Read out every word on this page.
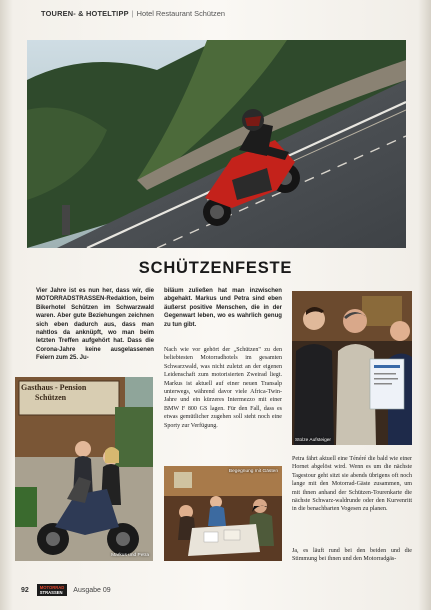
TOUREN- & HOTELTIPP | Hotel Restaurant Schützen
SCHÜTZENFESTE
Vier Jahre ist es nun her, dass wir, die MOTORRADSTRASSEN-Redaktion, beim Bikerhotel Schützen im Schwarzwald waren. Aber gute Beziehungen zeichnen sich eben dadurch aus, dass man nahtlos da anknüpft, wo man beim letzten Treffen aufgehört hat. Dass die Corona-Jahre keine ausgelassenen Feiern zum 25. Ju-
biläum zuließen hat man inzwischen abgehakt. Markus und Petra sind eben äußerst positive Menschen, die in der Gegenwart leben, wo es wahrlich genug zu tun gibt.
Nach wie vor gehört der „Schützen" zu den beliebtesten Motorradhotels im gesamten Schwarzwald, was nicht zuletzt an der eigenen Leidenschaft zum motorisierten Zweirad liegt. Markus ist aktuell auf einer neuen Transalp unterwegs, während davor viele Africa-Twin-Jahre und ein kürzeres Intermezzo mit einer BMW F 800 GS lagen. Für den Fall, dass es etwas gemütlicher zugehen soll steht noch eine Sporty zur Verfügung.
Stolze Aufsteiger
Petra fährt aktuell eine Ténéré die bald wie einer Hornet abgelöst wird. Wenn es um die nächste Tagestour geht sitzt sie abends übrigens oft noch lange mit den Motorrad-Gäste zusammen, um mit ihnen anhand der Schützen-Tourenkarte die nächste Schwarz-waldrunde oder den Kurvenritt in die benachbarten Vogesen zu planen.
Ja, es läuft rund bei den beiden und die Stimmung bei ihnen und den Motorradgäs-
Gasthaus - Pension
Schützen
Markus und Petra
Begegnung mit Gästen
92	MOTORRAD
STRASSEN Ausgabe 09
